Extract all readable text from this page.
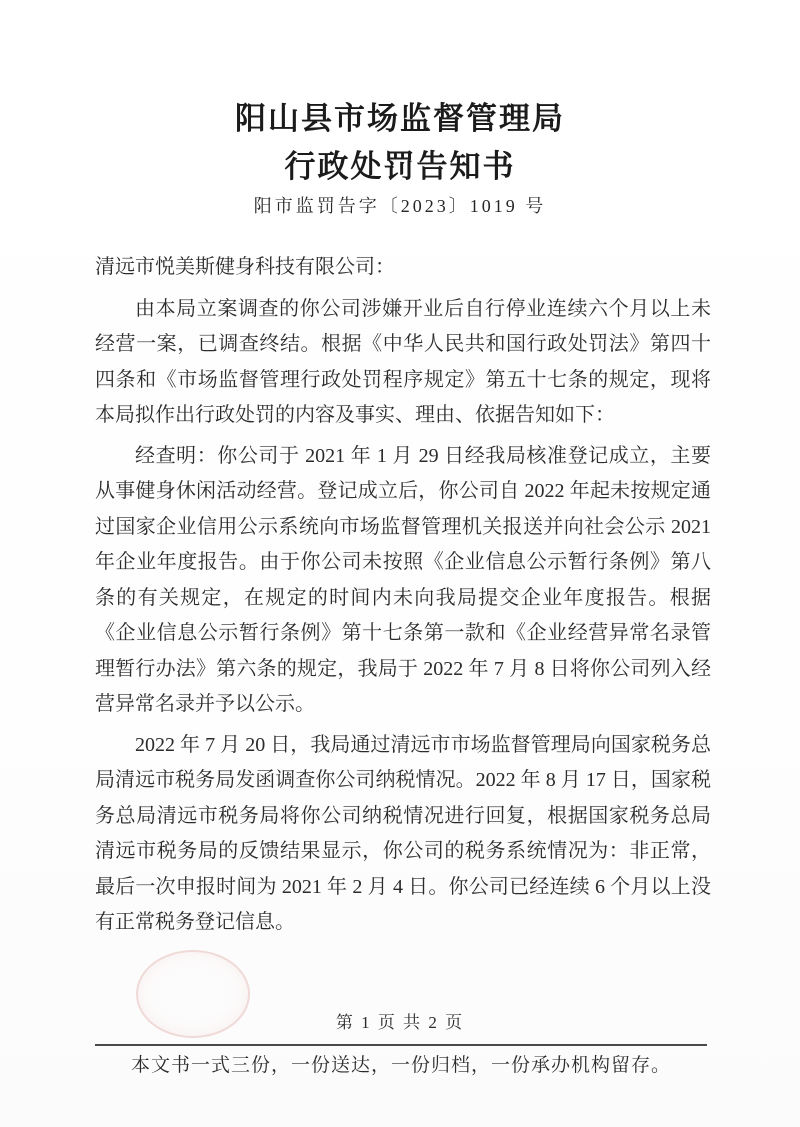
阳山县市场监督管理局
行政处罚告知书
阳市监罚告字〔2023〕1019 号

清远市悦美斯健身科技有限公司：

由本局立案调查的你公司涉嫌开业后自行停业连续六个月以上未经营一案，已调查终结。根据《中华人民共和国行政处罚法》第四十四条和《市场监督管理行政处罚程序规定》第五十七条的规定，现将本局拟作出行政处罚的内容及事实、理由、依据告知如下：

经查明：你公司于 2021 年 1 月 29 日经我局核准登记成立，主要从事健身休闲活动经营。登记成立后，你公司自 2022 年起未按规定通过国家企业信用公示系统向市场监督管理机关报送并向社会公示 2021 年企业年度报告。由于你公司未按照《企业信息公示暂行条例》第八条的有关规定，在规定的时间内未向我局提交企业年度报告。根据《企业信息公示暂行条例》第十七条第一款和《企业经营异常名录管理暂行办法》第六条的规定，我局于 2022 年 7 月 8 日将你公司列入经营异常名录并予以公示。

2022 年 7 月 20 日，我局通过清远市市场监督管理局向国家税务总局清远市税务局发函调查你公司纳税情况。2022 年 8 月 17 日，国家税务总局清远市税务局将你公司纳税情况进行回复，根据国家税务总局清远市税务局的反馈结果显示，你公司的税务系统情况为：非正常，最后一次申报时间为 2021 年 2 月 4 日。你公司已经连续 6 个月以上没有正常税务登记信息。

第 1 页 共 2 页
本文书一式三份，一份送达，一份归档，一份承办机构留存。
